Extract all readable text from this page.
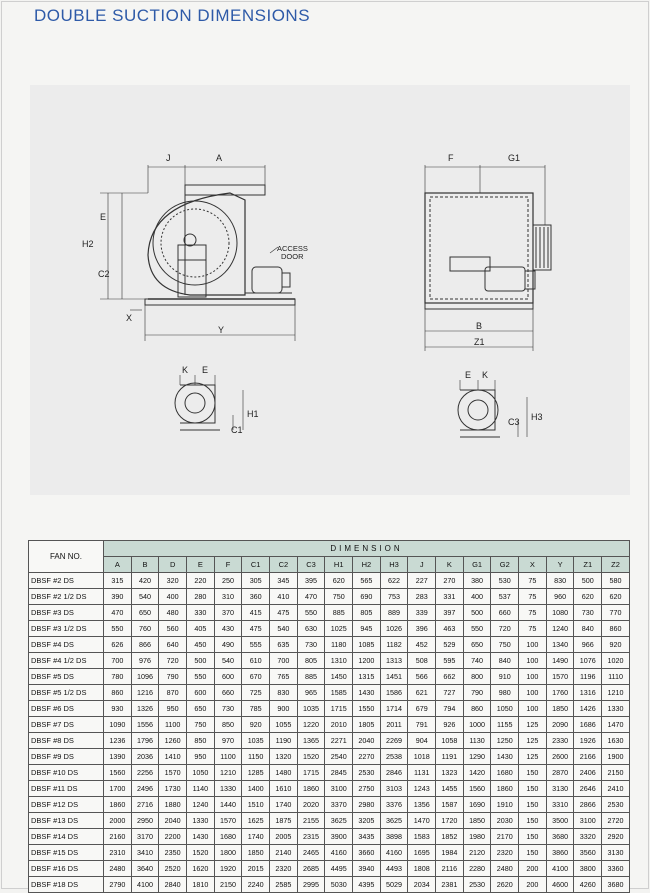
DOUBLE SUCTION DIMENSIONS
J	A
E
H2
C2
X
Y
ACCESS
DOOR
F	G1
B
Z1
K E
H1
C1
E K
H3
C3
FAN NO.	DIMENSION																		
	A	B	D	E	F	C1	C2	C3	H1	H2	H3	J	K	G1	G2	X	Y	Z1	Z2
DBSF #2 DS	315	420	320	220	250	305	345	395	620	565	622	227	270	380	530	75	830	500	580
DBSF #2 1/2 DS	390	540	400	280	310	360	410	470	750	690	753	283	331	400	537	75	960	620	620
DBSF #3 DS	470	650	480	330	370	415	475	550	885	805	889	339	397	500	660	75	1080	730	770
DBSF #3 1/2 DS	550	760	560	405	430	475	540	630	1025	945	1026	396	463	550	720	75	1240	840	860
DBSF #4 DS	626	866	640	450	490	555	635	730	1180	1085	1182	452	529	650	750	100	1340	966	920
DBSF #4 1/2 DS	700	976	720	500	540	610	700	805	1310	1200	1313	508	595	740	840	100	1490	1076	1020
DBSF #5 DS	780	1096	790	550	600	670	765	885	1450	1315	1451	566	662	800	910	100	1570	1196	1110
DBSF #5 1/2 DS	860	1216	870	600	660	725	830	965	1585	1430	1586	621	727	790	980	100	1760	1316	1210
DBSF #6 DS	930	1326	950	650	730	785	900	1035	1715	1550	1714	679	794	860	1050	100	1850	1426	1330
DBSF #7 DS	1090	1556	1100	750	850	920	1055	1220	2010	1805	2011	791	926	1000	1155	125	2090	1686	1470
DBSF #8 DS	1236	1796	1260	850	970	1035	1190	1365	2271	2040	2269	904	1058	1130	1250	125	2330	1926	1630
DBSF #9 DS	1390	2036	1410	950	1100	1150	1320	1520	2540	2270	2538	1018	1191	1290	1430	125	2600	2166	1900
DBSF #10 DS	1560	2256	1570	1050	1210	1285	1480	1715	2845	2530	2846	1131	1323	1420	1680	150	2870	2406	2150
DBSF #11 DS	1700	2496	1730	1140	1330	1400	1610	1860	3100	2750	3103	1243	1455	1560	1860	150	3130	2646	2410
DBSF #12 DS	1860	2716	1880	1240	1440	1510	1740	2020	3370	2980	3376	1356	1587	1690	1910	150	3310	2866	2530
DBSF #13 DS	2000	2950	2040	1330	1570	1625	1875	2155	3625	3205	3625	1470	1720	1850	2030	150	3500	3100	2720
DBSF #14 DS	2160	3170	2200	1430	1680	1740	2005	2315	3900	3435	3898	1583	1852	1980	2170	150	3680	3320	2920
DBSF #15 DS	2310	3410	2350	1520	1800	1850	2140	2465	4160	3660	4160	1695	1984	2120	2320	150	3860	3560	3130
DBSF #16 DS	2480	3640	2520	1620	1920	2015	2320	2685	4495	3940	4493	1808	2116	2280	2480	200	4100	3800	3360
DBSF #18 DS	2790	4100	2840	1810	2150	2240	2585	2995	5030	4395	5029	2034	2381	2530	2620	200	4600	4260	3680
